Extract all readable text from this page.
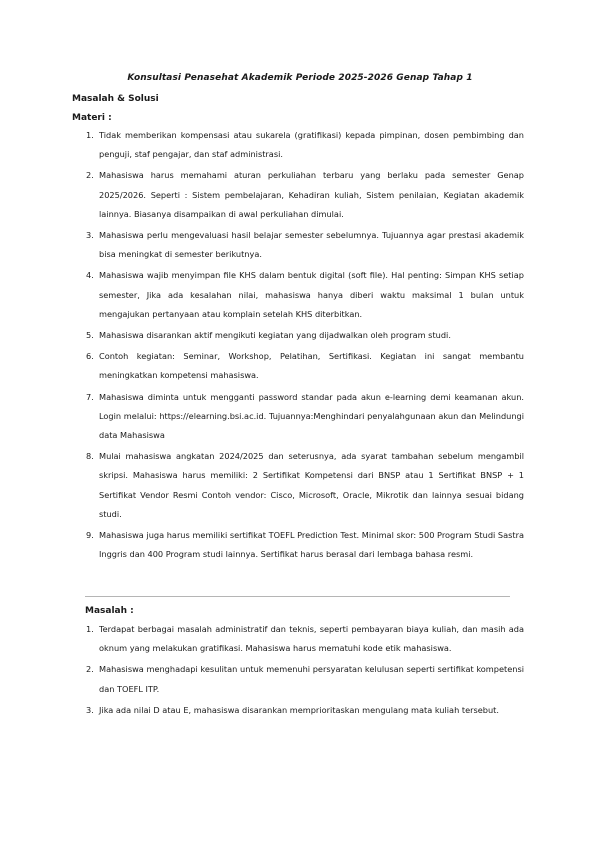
Konsultasi Penasehat Akademik Periode 2025-2026 Genap Tahap 1
Masalah & Solusi
Materi :
1. Tidak memberikan kompensasi atau sukarela (gratifikasi) kepada pimpinan, dosen pembimbing dan penguji, staf pengajar, dan staf administrasi.
2. Mahasiswa harus memahami aturan perkuliahan terbaru yang berlaku pada semester Genap 2025/2026. Seperti : Sistem pembelajaran, Kehadiran kuliah, Sistem penilaian, Kegiatan akademik lainnya. Biasanya disampaikan di awal perkuliahan dimulai.
3. Mahasiswa perlu mengevaluasi hasil belajar semester sebelumnya. Tujuannya agar prestasi akademik bisa meningkat di semester berikutnya.
4. Mahasiswa wajib menyimpan file KHS dalam bentuk digital (soft file). Hal penting: Simpan KHS setiap semester, Jika ada kesalahan nilai, mahasiswa hanya diberi waktu maksimal 1 bulan untuk mengajukan pertanyaan atau komplain setelah KHS diterbitkan.
5. Mahasiswa disarankan aktif mengikuti kegiatan yang dijadwalkan oleh program studi.
6. Contoh kegiatan: Seminar, Workshop, Pelatihan, Sertifikasi. Kegiatan ini sangat membantu meningkatkan kompetensi mahasiswa.
7. Mahasiswa diminta untuk mengganti password standar pada akun e-learning demi keamanan akun. Login melalui: https://elearning.bsi.ac.id. Tujuannya:Menghindari penyalahgunaan akun dan Melindungi data Mahasiswa
8. Mulai mahasiswa angkatan 2024/2025 dan seterusnya, ada syarat tambahan sebelum mengambil skripsi. Mahasiswa harus memiliki: 2 Sertifikat Kompetensi dari BNSP atau 1 Sertifikat BNSP + 1 Sertifikat Vendor Resmi Contoh vendor: Cisco, Microsoft, Oracle, Mikrotik dan lainnya sesuai bidang studi.
9. Mahasiswa juga harus memiliki sertifikat TOEFL Prediction Test. Minimal skor: 500 Program Studi Sastra Inggris dan 400 Program studi lainnya. Sertifikat harus berasal dari lembaga bahasa resmi.
Masalah :
1. Terdapat berbagai masalah administratif dan teknis, seperti pembayaran biaya kuliah, dan masih ada oknum yang melakukan gratifikasi. Mahasiswa harus mematuhi kode etik mahasiswa.
2. Mahasiswa menghadapi kesulitan untuk memenuhi persyaratan kelulusan seperti sertifikat kompetensi dan TOEFL ITP.
3. Jika ada nilai D atau E, mahasiswa disarankan memprioritaskan mengulang mata kuliah tersebut.
